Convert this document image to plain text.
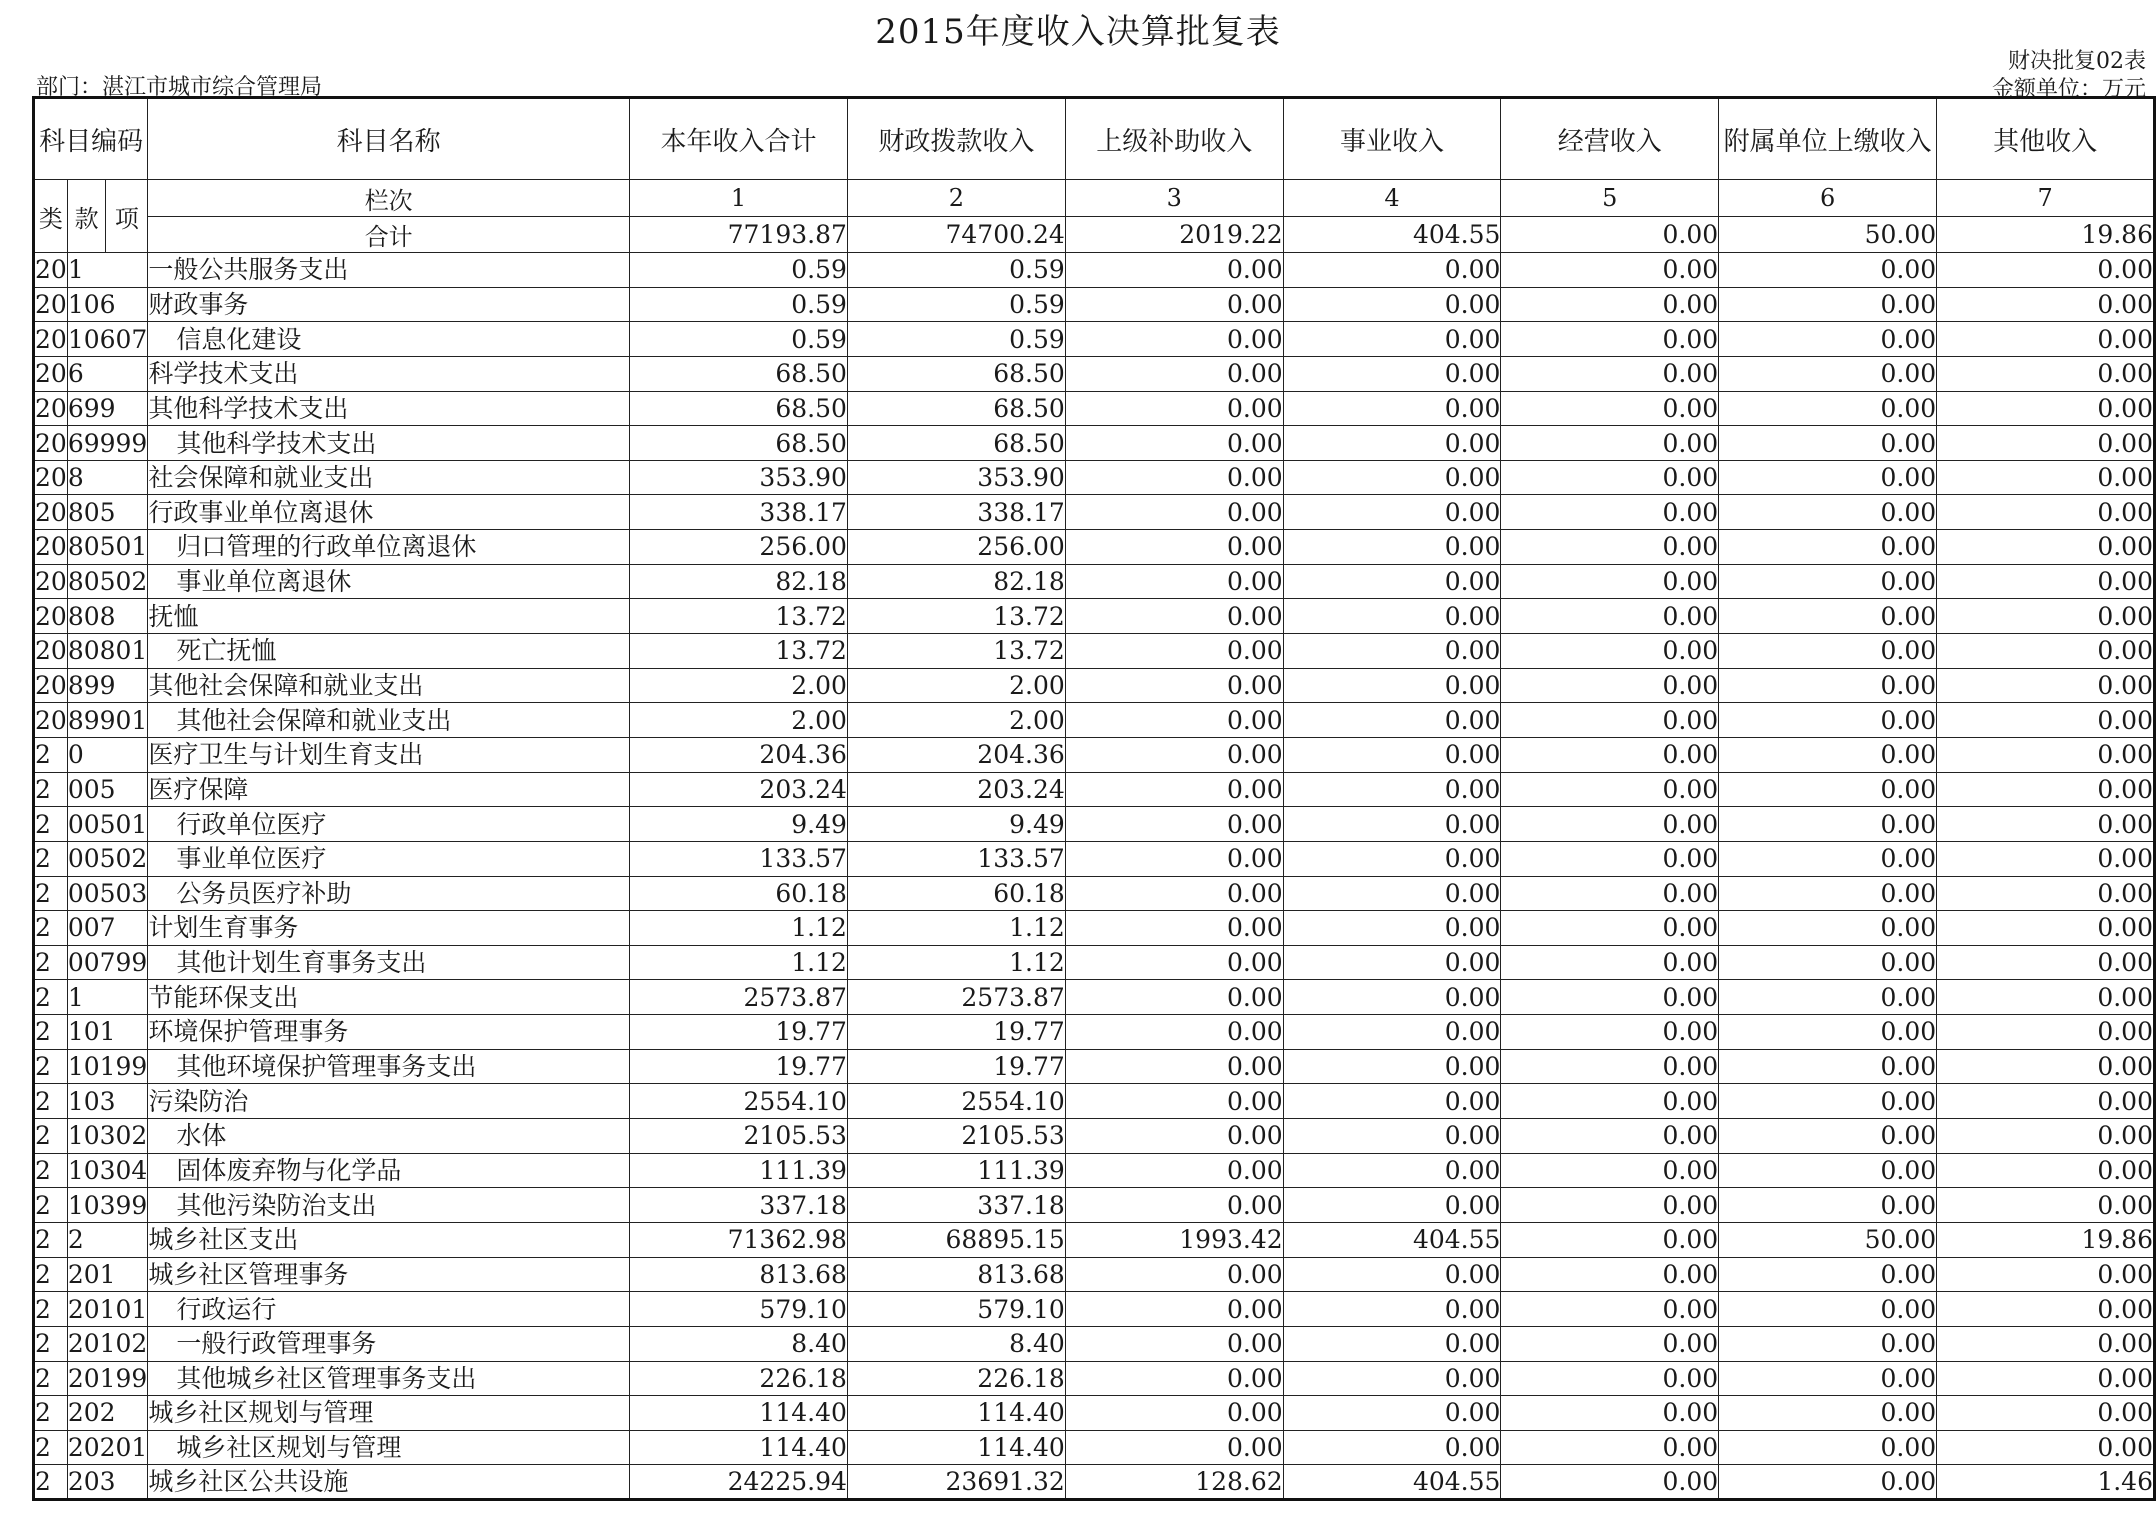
2015年度收入决算批复表
部门：湛江市城市综合管理局
财决批复02表
金额单位：万元
科目编码			科目名称	本年收入合计	财政拨款收入	上级补助收入	事业收入	经营收入	附属单位上缴收入	其他收入
类	款	项	栏次	1	2	3	4	5	6	7
			合计	77193.87	74700.24	2019.22	404.55	0.00	50.00	19.86
20	1		一般公共服务支出	0.59	0.59	0.00	0.00	0.00	0.00	0.00
20	106		财政事务	0.59	0.59	0.00	0.00	0.00	0.00	0.00
20	10607		信息化建设	0.59	0.59	0.00	0.00	0.00	0.00	0.00
20	6		科学技术支出	68.50	68.50	0.00	0.00	0.00	0.00	0.00
20	699		其他科学技术支出	68.50	68.50	0.00	0.00	0.00	0.00	0.00
20	69999		其他科学技术支出	68.50	68.50	0.00	0.00	0.00	0.00	0.00
20	8		社会保障和就业支出	353.90	353.90	0.00	0.00	0.00	0.00	0.00
20	805		行政事业单位离退休	338.17	338.17	0.00	0.00	0.00	0.00	0.00
20	80501		归口管理的行政单位离退休	256.00	256.00	0.00	0.00	0.00	0.00	0.00
20	80502		事业单位离退休	82.18	82.18	0.00	0.00	0.00	0.00	0.00
20	808		抚恤	13.72	13.72	0.00	0.00	0.00	0.00	0.00
20	80801		死亡抚恤	13.72	13.72	0.00	0.00	0.00	0.00	0.00
20	899		其他社会保障和就业支出	2.00	2.00	0.00	0.00	0.00	0.00	0.00
20	89901		其他社会保障和就业支出	2.00	2.00	0.00	0.00	0.00	0.00	0.00
2	0		医疗卫生与计划生育支出	204.36	204.36	0.00	0.00	0.00	0.00	0.00
2	005		医疗保障	203.24	203.24	0.00	0.00	0.00	0.00	0.00
2	00501		行政单位医疗	9.49	9.49	0.00	0.00	0.00	0.00	0.00
2	00502		事业单位医疗	133.57	133.57	0.00	0.00	0.00	0.00	0.00
2	00503		公务员医疗补助	60.18	60.18	0.00	0.00	0.00	0.00	0.00
2	007		计划生育事务	1.12	1.12	0.00	0.00	0.00	0.00	0.00
2	00799		其他计划生育事务支出	1.12	1.12	0.00	0.00	0.00	0.00	0.00
2	1		节能环保支出	2573.87	2573.87	0.00	0.00	0.00	0.00	0.00
2	101		环境保护管理事务	19.77	19.77	0.00	0.00	0.00	0.00	0.00
2	10199		其他环境保护管理事务支出	19.77	19.77	0.00	0.00	0.00	0.00	0.00
2	103		污染防治	2554.10	2554.10	0.00	0.00	0.00	0.00	0.00
2	10302		水体	2105.53	2105.53	0.00	0.00	0.00	0.00	0.00
2	10304		固体废弃物与化学品	111.39	111.39	0.00	0.00	0.00	0.00	0.00
2	10399		其他污染防治支出	337.18	337.18	0.00	0.00	0.00	0.00	0.00
2	2		城乡社区支出	71362.98	68895.15	1993.42	404.55	0.00	50.00	19.86
2	201		城乡社区管理事务	813.68	813.68	0.00	0.00	0.00	0.00	0.00
2	20101		行政运行	579.10	579.10	0.00	0.00	0.00	0.00	0.00
2	20102		一般行政管理事务	8.40	8.40	0.00	0.00	0.00	0.00	0.00
2	20199		其他城乡社区管理事务支出	226.18	226.18	0.00	0.00	0.00	0.00	0.00
2	202		城乡社区规划与管理	114.40	114.40	0.00	0.00	0.00	0.00	0.00
2	20201		城乡社区规划与管理	114.40	114.40	0.00	0.00	0.00	0.00	0.00
2	203		城乡社区公共设施	24225.94	23691.32	128.62	404.55	0.00	0.00	1.46
